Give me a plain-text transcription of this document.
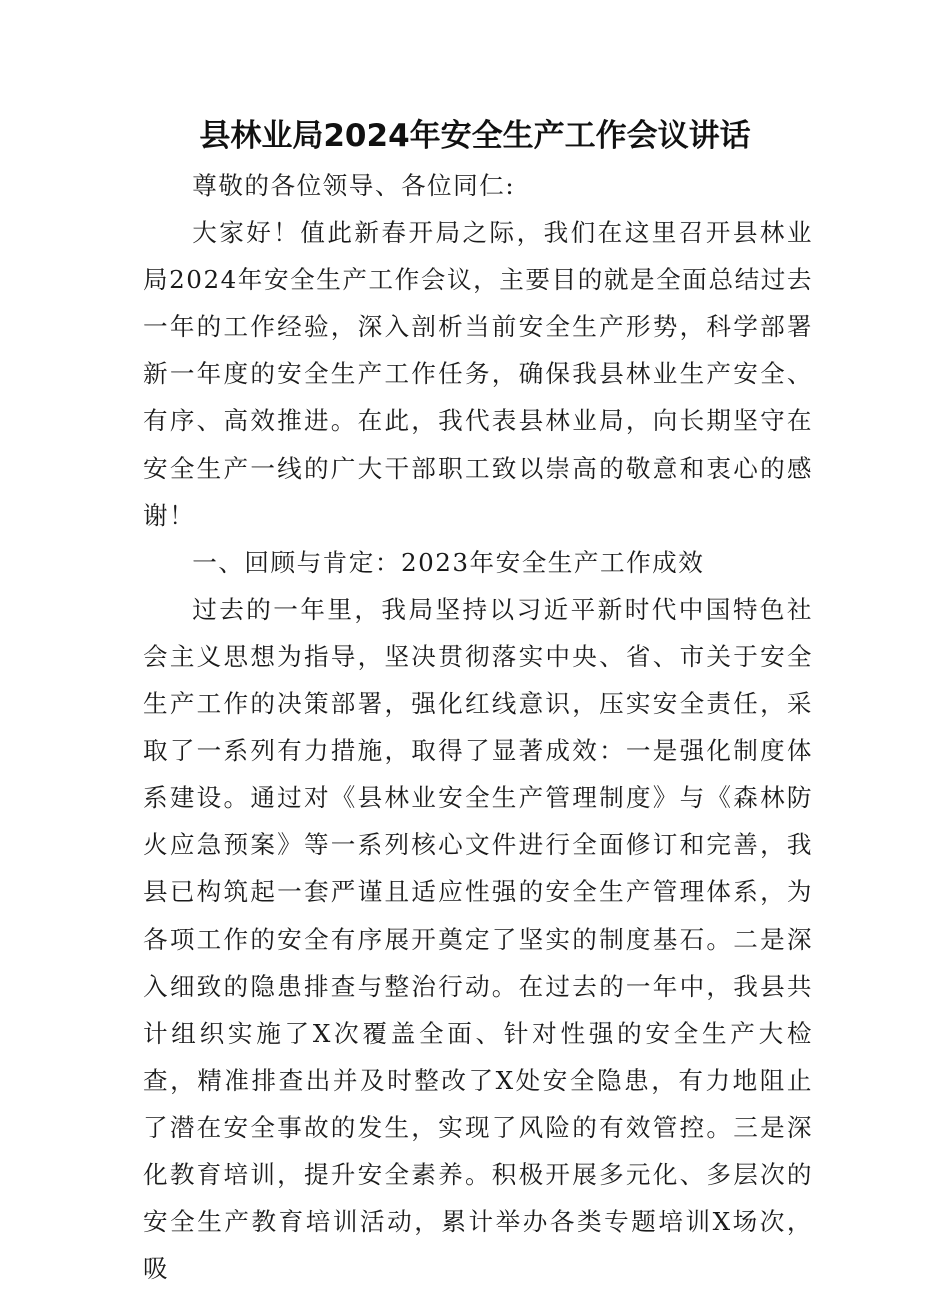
县林业局2024年安全生产工作会议讲话

尊敬的各位领导、各位同仁:

大家好！值此新春开局之际，我们在这里召开县林业局2024年安全生产工作会议，主要目的就是全面总结过去一年的工作经验，深入剖析当前安全生产形势，科学部署新一年度的安全生产工作任务，确保我县林业生产安全、有序、高效推进。在此，我代表县林业局，向长期坚守在安全生产一线的广大干部职工致以崇高的敬意和衷心的感谢！

一、回顾与肯定：2023年安全生产工作成效

过去的一年里，我局坚持以习近平新时代中国特色社会主义思想为指导，坚决贯彻落实中央、省、市关于安全生产工作的决策部署，强化红线意识，压实安全责任，采取了一系列有力措施，取得了显著成效：一是强化制度体系建设。通过对《县林业安全生产管理制度》与《森林防火应急预案》等一系列核心文件进行全面修订和完善，我县已构筑起一套严谨且适应性强的安全生产管理体系，为各项工作的安全有序展开奠定了坚实的制度基石。二是深入细致的隐患排查与整治行动。在过去的一年中，我县共计组织实施了X次覆盖全面、针对性强的安全生产大检查，精准排查出并及时整改了X处安全隐患，有力地阻止了潜在安全事故的发生，实现了风险的有效管控。三是深化教育培训，提升安全素养。积极开展多元化、多层次的安全生产教育培训活动，累计举办各类专题培训X场次，吸
